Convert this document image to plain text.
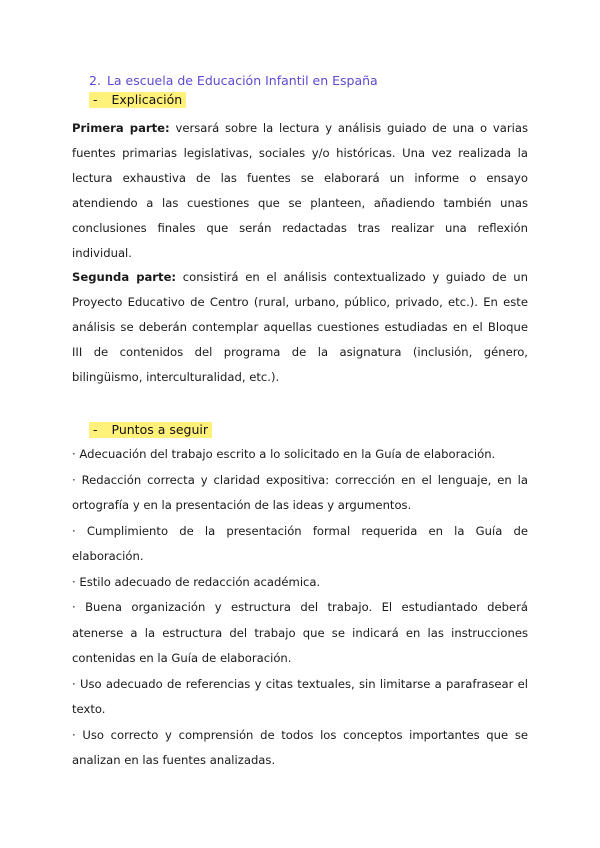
2. La escuela de Educación Infantil en España
- Explicación

Primera parte: versará sobre la lectura y análisis guiado de una o varias fuentes primarias legislativas, sociales y/o históricas. Una vez realizada la lectura exhaustiva de las fuentes se elaborará un informe o ensayo atendiendo a las cuestiones que se planteen, añadiendo también unas conclusiones finales que serán redactadas tras realizar una reflexión individual.

Segunda parte: consistirá en el análisis contextualizado y guiado de un Proyecto Educativo de Centro (rural, urbano, público, privado, etc.). En este análisis se deberán contemplar aquellas cuestiones estudiadas en el Bloque III de contenidos del programa de la asignatura (inclusión, género, bilingüismo, interculturalidad, etc.).

- Puntos a seguir

· Adecuación del trabajo escrito a lo solicitado en la Guía de elaboración.

· Redacción correcta y claridad expositiva: corrección en el lenguaje, en la ortografía y en la presentación de las ideas y argumentos.

· Cumplimiento de la presentación formal requerida en la Guía de elaboración.

· Estilo adecuado de redacción académica.

· Buena organización y estructura del trabajo. El estudiantado deberá atenerse a la estructura del trabajo que se indicará en las instrucciones contenidas en la Guía de elaboración.

· Uso adecuado de referencias y citas textuales, sin limitarse a parafrasear el texto.

· Uso correcto y comprensión de todos los conceptos importantes que se analizan en las fuentes analizadas.
